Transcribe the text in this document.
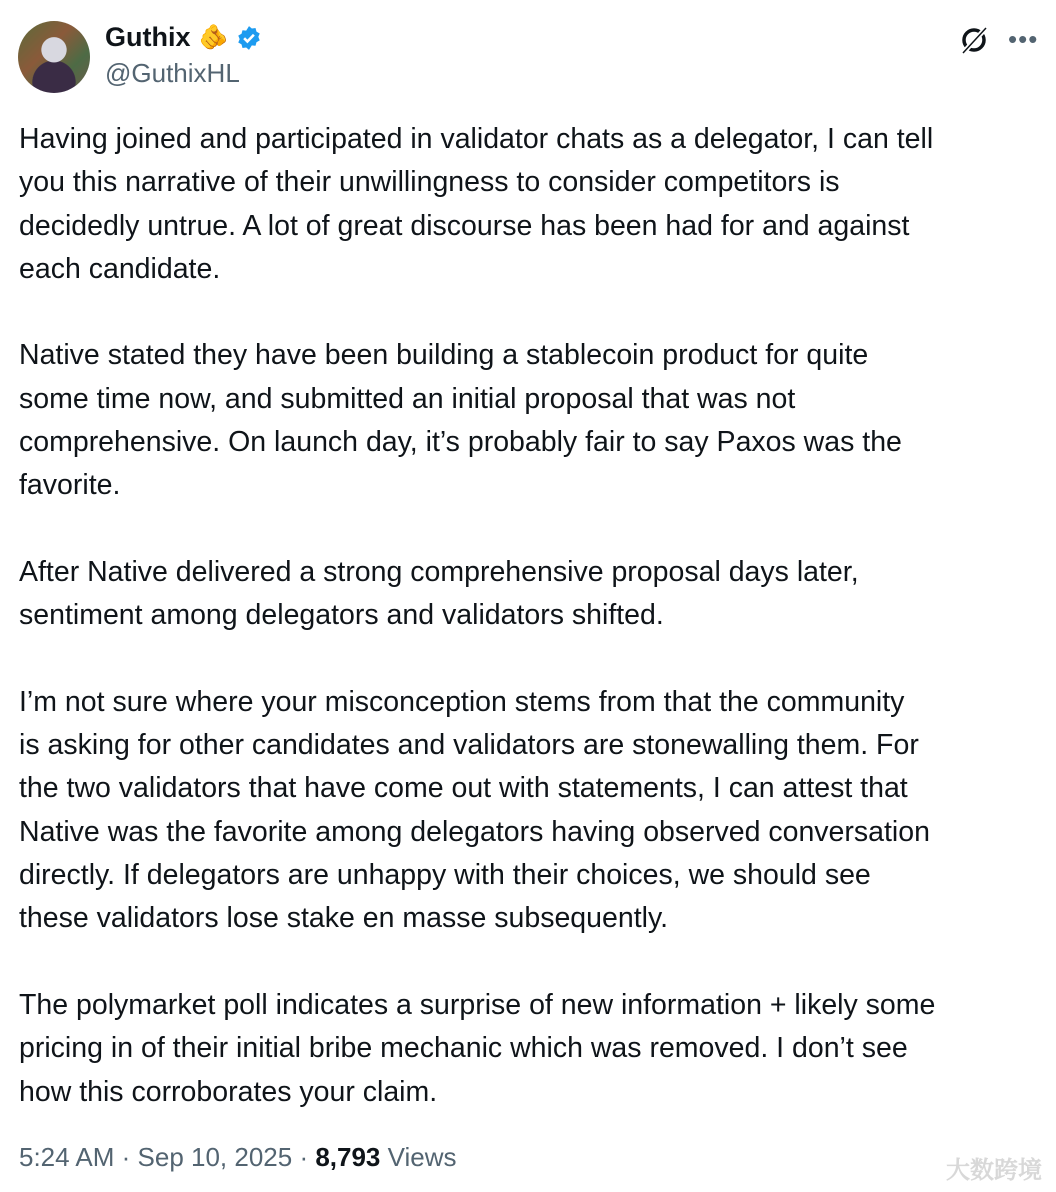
Guthix 🫵
@GuthixHL
•••
Having joined and participated in validator chats as a delegator, I can tell
you this narrative of their unwillingness to consider competitors is
decidedly untrue. A lot of great discourse has been had for and against
each candidate.
Native stated they have been building a stablecoin product for quite
some time now, and submitted an initial proposal that was not
comprehensive. On launch day, it’s probably fair to say Paxos was the
favorite.
After Native delivered a strong comprehensive proposal days later,
sentiment among delegators and validators shifted.
I’m not sure where your misconception stems from that the community
is asking for other candidates and validators are stonewalling them. For
the two validators that have come out with statements, I can attest that
Native was the favorite among delegators having observed conversation
directly. If delegators are unhappy with their choices, we should see
these validators lose stake en masse subsequently.
The polymarket poll indicates a surprise of new information + likely some
pricing in of their initial bribe mechanic which was removed. I don’t see
how this corroborates your claim.
5:24 AM · Sep 10, 2025 · 8,793 Views	大数跨境
